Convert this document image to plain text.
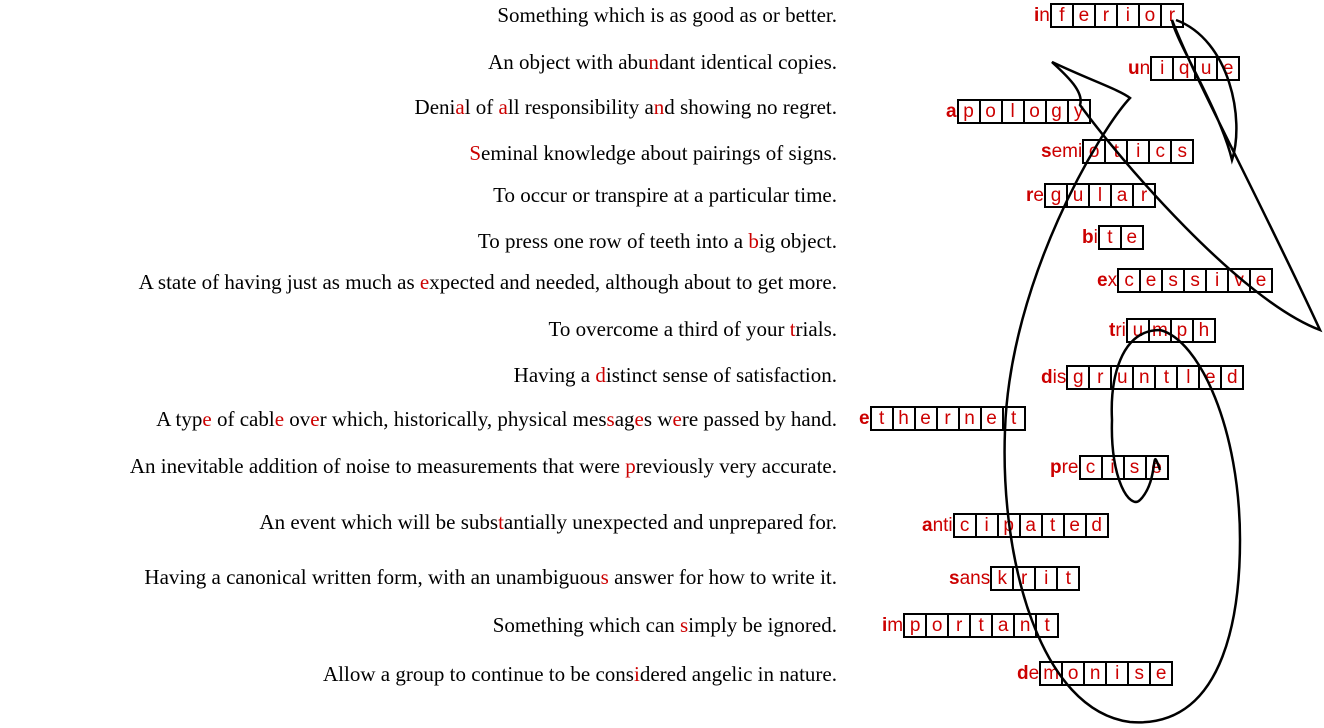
Something which is as good as or better.
An object with abundant identical copies.
Denial of all responsibility and showing no regret.
Seminal knowledge about pairings of signs.
To occur or transpire at a particular time.
To press one row of teeth into a big object.
A state of having just as much as expected and needed, although about to get more.
To overcome a third of your trials.
Having a distinct sense of satisfaction.
A type of cable over which, historically, physical messages were passed by hand.
An inevitable addition of noise to measurements that were previously very accurate.
An event which will be substantially unexpected and unprepared for.
Having a canonical written form, with an unambiguous answer for how to write it.
Something which can simply be ignored.
Allow a group to continue to be considered angelic in nature.
in f e r i o r
un i q u e
a p o l o g y
semi o t i c s
re g u l a r
bi t e
ex c e s s i v e
tri u m p h
dis g r u n t l e d
e t h e r n e t
pre c i s e
anti c i p a t e d
sans k r i t
im p o r t a n t
de m o n i s e
